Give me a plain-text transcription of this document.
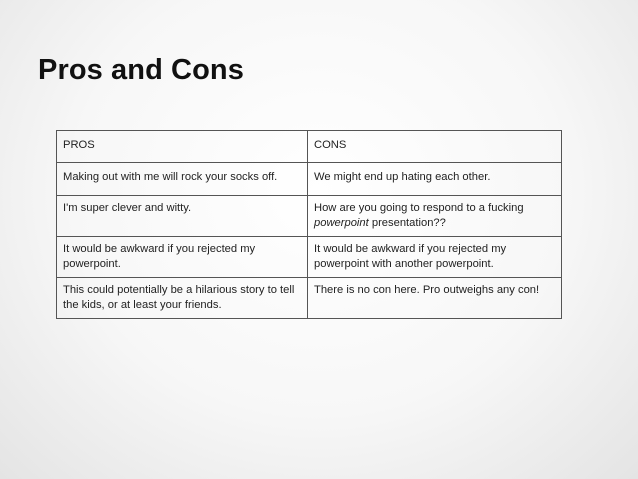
Pros and Cons
PROS	CONS
Making out with me will rock your socks off.	We might end up hating each other.
I'm super clever and witty.	How are you going to respond to a fucking powerpoint presentation??
It would be awkward if you rejected my powerpoint.	It would be awkward if you rejected my powerpoint with another powerpoint.
This could potentially be a hilarious story to tell the kids, or at least your friends.	There is no con here. Pro outweighs any con!
